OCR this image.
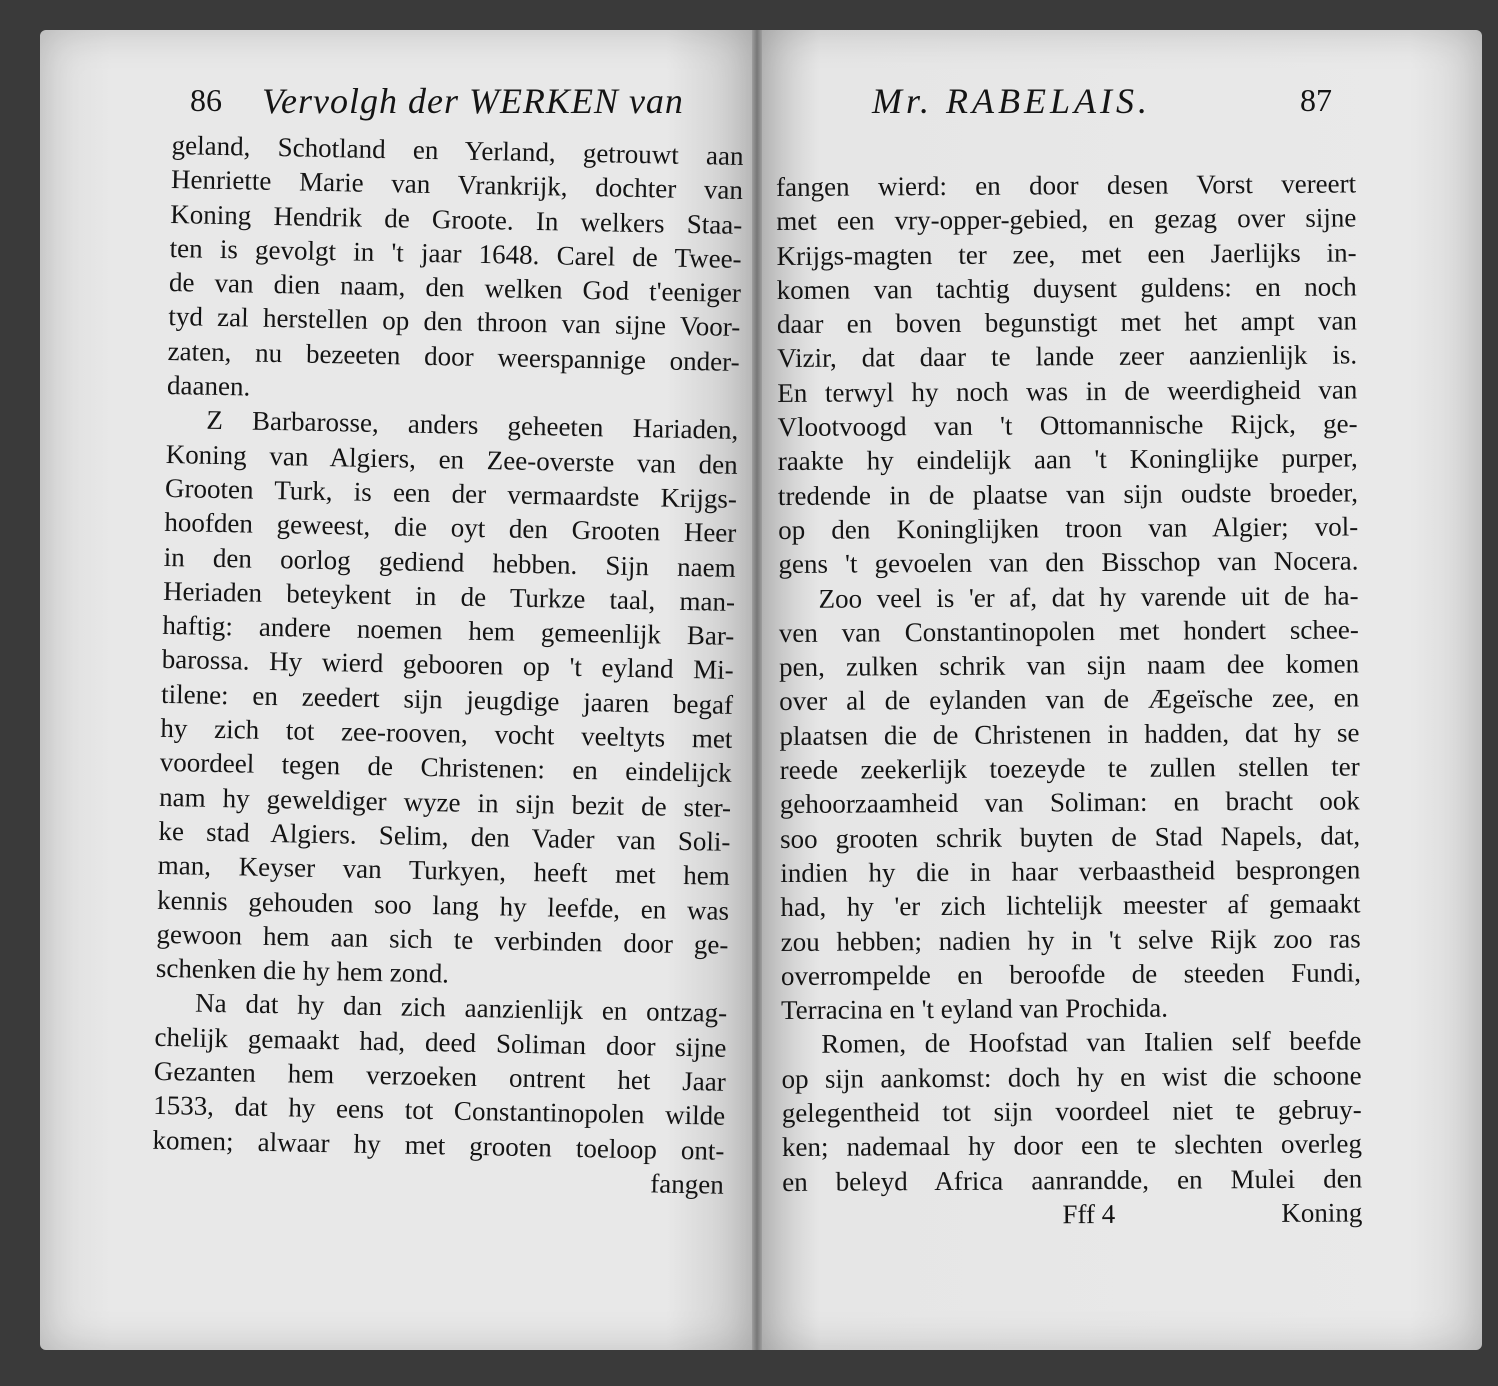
86 Vervolgh der WERKEN van
geland, Schotland en Yerland, getrouwt aan
Henriette Marie van Vrankrijk, dochter van
Koning Hendrik de Groote. In welkers Staa-
ten is gevolgt in 't jaar 1648. Carel de Twee-
de van dien naam, den welken God t'eeniger
tyd zal herstellen op den throon van sijne Voor-
zaten, nu bezeeten door weerspannige onder-
daanen.
Z Barbarosse, anders geheeten Hariaden,
Koning van Algiers, en Zee-overste van den
Grooten Turk, is een der vermaardste Krijgs-
hoofden geweest, die oyt den Grooten Heer
in den oorlog gediend hebben. Sijn naem
Heriaden beteykent in de Turkze taal, man-
haftig: andere noemen hem gemeenlijk Bar-
barossa. Hy wierd gebooren op 't eyland Mi-
tilene: en zeedert sijn jeugdige jaaren begaf
hy zich tot zee-rooven, vocht veeltyts met
voordeel tegen de Christenen: en eindelijck
nam hy geweldiger wyze in sijn bezit de ster-
ke stad Algiers. Selim, den Vader van Soli-
man, Keyser van Turkyen, heeft met hem
kennis gehouden soo lang hy leefde, en was
gewoon hem aan sich te verbinden door ge-
schenken die hy hem zond.
Na dat hy dan zich aanzienlijk en ontzag-
chelijk gemaakt had, deed Soliman door sijne
Gezanten hem verzoeken ontrent het Jaar
1533, dat hy eens tot Constantinopolen wilde
komen; alwaar hy met grooten toeloop ont-
fangen
Mr. RABELAIS.	87
fangen wierd: en door desen Vorst vereert
met een vry-opper-gebied, en gezag over sijne
Krijgs-magten ter zee, met een Jaerlijks in-
komen van tachtig duysent guldens: en noch
daar en boven begunstigt met het ampt van
Vizir, dat daar te lande zeer aanzienlijk is.
En terwyl hy noch was in de weerdigheid van
Vlootvoogd van 't Ottomannische Rijck, ge-
raakte hy eindelijk aan 't Koninglijke purper,
tredende in de plaatse van sijn oudste broeder,
op den Koninglijken troon van Algier; vol-
gens 't gevoelen van den Bisschop van Nocera.
Zoo veel is 'er af, dat hy varende uit de ha-
ven van Constantinopolen met hondert schee-
pen, zulken schrik van sijn naam dee komen
over al de eylanden van de Ægeïsche zee, en
plaatsen die de Christenen in hadden, dat hy se
reede zeekerlijk toezeyde te zullen stellen ter
gehoorzaamheid van Soliman: en bracht ook
soo grooten schrik buyten de Stad Napels, dat,
indien hy die in haar verbaastheid besprongen
had, hy 'er zich lichtelijk meester af gemaakt
zou hebben; nadien hy in 't selve Rijk zoo ras
overrompelde en beroofde de steeden Fundi,
Terracina en 't eyland van Prochida.
Romen, de Hoofstad van Italien self beefde
op sijn aankomst: doch hy en wist die schoone
gelegentheid tot sijn voordeel niet te gebruy-
ken; nademaal hy door een te slechten overleg
en beleyd Africa aanrandde, en Mulei den
Fff 4	Koning
